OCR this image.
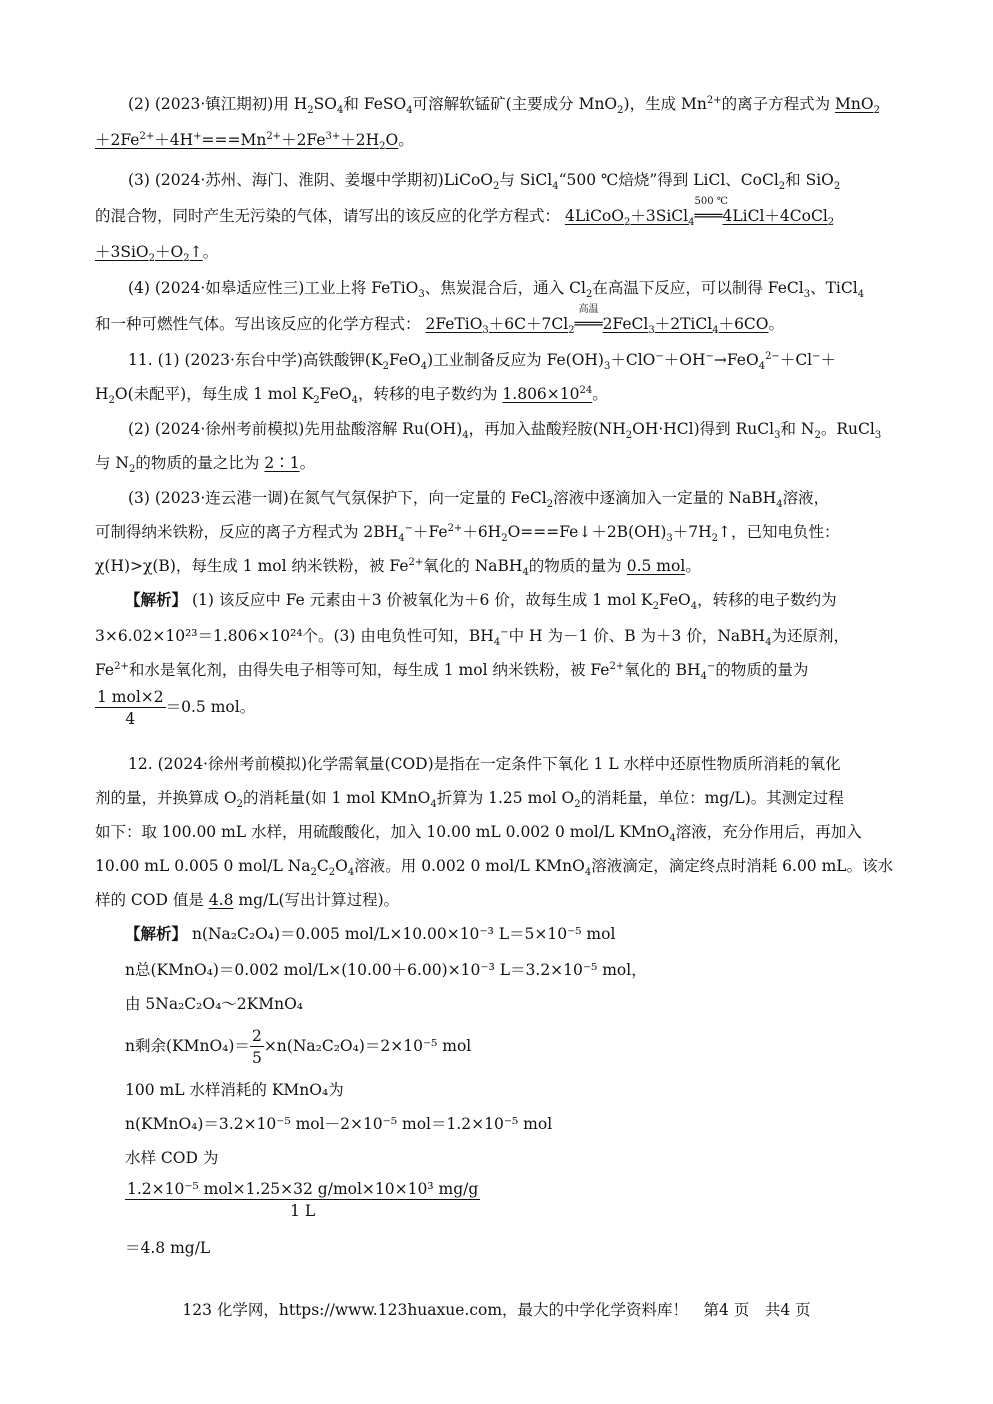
(2) (2023·镇江期初)用 $H_2SO_4$和 FeSO$_4$可溶解软锰矿(主要成分 MnO$_2$)，生成 $Mn^{2+}$的离子方程式为 MnO$_2$
$+2Fe^{2+}+4H^+===Mn^{2+}+2Fe^{3+}+2H_2O$。
(3) (2024·苏州、海门、淮阴、姜堰中学期初)LiCoO$_2$与 SiCl$_4$“500 ℃焙烧”得到 LiCl、CoCl$_2$和 SiO$_2$
的混合物，同时产生无污染的气体，请写出的该反应的化学方程式： 4LiCoO$_2$＋3SiCl$_4$
500 ℃
═══4LiCl＋4CoCl$_2$
$+3SiO_2+O_2↑$。
(4) (2024·如皋适应性三)工业上将 FeTiO$_3$、焦炭混合后，通入 $Cl_2$在高温下反应，可以制得 FeCl$_3$、TiCl$_4$
和一种可燃性气体。写出该反应的化学方程式： $2FeTiO_3+6C+7Cl_2$
高温
═══2FeCl$_3$＋2TiCl$_4$＋6CO。
11. (1) (2023·东台中学)高铁酸钾$(K_2FeO_4)$工业制备反应为 $Fe(OH)_3+ClO^-+OH^-\to FeO_4^{2-}+Cl^-+$
$H_2O$(未配平)，每生成 1 mol $K_2FeO_4$，转移的电子数约为 $1.806\times 10^{24}$。
(2) (2024·徐州考前模拟)先用盐酸溶解 $Ru(OH)_4$，再加入盐酸羟胺$(NH_2OH\cdot HCl)$得到 RuCl$_3$和 $N_2$。RuCl$_3$
与 $N_2$的物质的量之比为 2∶1。
(3) (2023·连云港一调)在氮气气氛保护下，向一定量的 FeCl$_2$溶液中逐滴加入一定量的 NaBH$_4$溶液，
可制得纳米铁粉，反应的离子方程式为 $2BH_4^-+Fe^{2+}+6H_2O===Fe↓+2B(OH)_3+7H_2↑$，已知电负性：
χ(H)>χ(B)，每生成 1 mol 纳米铁粉，被 $Fe^{2+}$氧化的 NaBH$_4$的物质的量为 0.5 mol。
【解析】 (1) 该反应中 Fe 元素由＋3 价被氧化为＋6 价，故每生成 1 mol $K_2FeO_4$，转移的电子数约为
3×6.02×10²³＝1.806×10²⁴个。(3) 由电负性可知，$BH_4^-$中 H 为－1 价、B 为＋3 价，NaBH$_4$为还原剂，
$Fe^{2+}$和水是氧化剂，由得失电子相等可知，每生成 1 mol 纳米铁粉，被 $Fe^{2+}$氧化的 $BH_4^-$的物质的量为
$\frac{\text{1 mol×2}}{4} =0.5$ mol。
12. (2024·徐州考前模拟)化学需氧量(COD)是指在一定条件下氧化 1 L 水样中还原性物质所消耗的氧化
剂的量，并换算成 $O_2$的消耗量(如 1 mol KMnO$_4$折算为 1.25 mol $O_2$的消耗量，单位：mg/L)。其测定过程
如下：取 100.00 mL 水样，用硫酸酸化，加入 10.00 mL 0.002 0 mol/L KMnO$_4$溶液，充分作用后，再加入
10.00 mL 0.005 0 mol/L $Na_2C_2O_4$溶液。用 0.002 0 mol/L KMnO$_4$溶液滴定，滴定终点时消耗 6.00 mL。该水
样的 COD 值是 4.8 mg/L(写出计算过程)。
【解析】 n(Na₂C₂O₄)＝0.005 mol/L×10.00×10⁻³ L＝5×10⁻⁵ mol
n总(KMnO₄)＝0.002 mol/L×(10.00＋6.00)×10⁻³ L＝3.2×10⁻⁵ mol，
由 5Na₂C₂O₄～2KMnO₄
n剩余(KMnO₄)＝ $\frac{2}{5} \times n(Na_2C_2O_4)=2\times 10^{-5}$ mol
100 mL 水样消耗的 KMnO₄为
n(KMnO₄)＝3.2×10⁻⁵ mol－2×10⁻⁵ mol＝1.2×10⁻⁵ mol
水样 COD 为
$\frac{\text{1.2×10⁻⁵ mol×1.25×32 g/mol×10×10³ mg/g}}{1 L}$
＝4.8 mg/L
123 化学网，https://www.123huaxue.com，最大的中学化学资料库！　第4 页　共4 页
